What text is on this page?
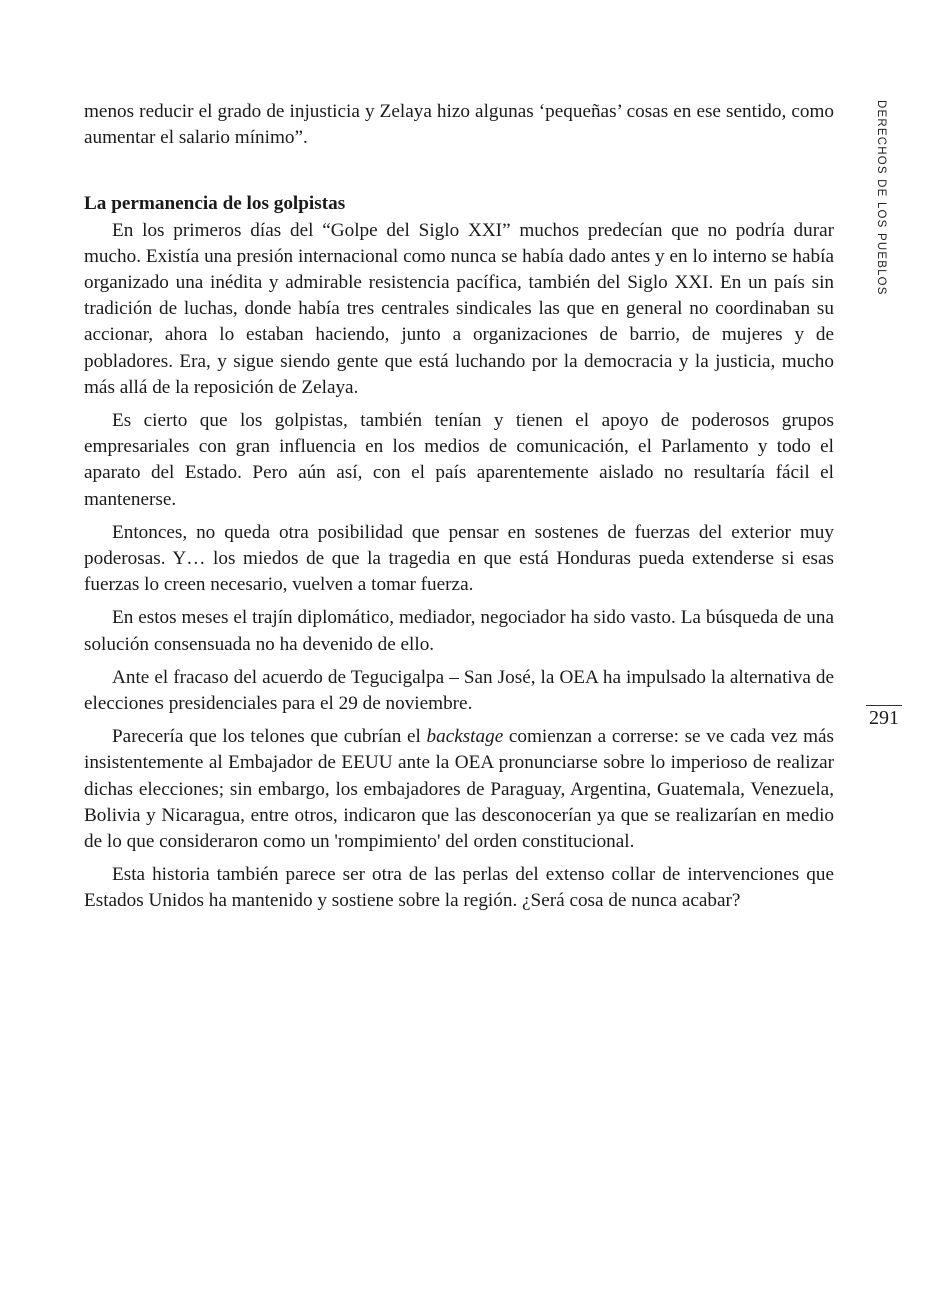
menos reducir el grado de injusticia y Zelaya hizo algunas ‘pequeñas’ cosas en ese sentido, como aumentar el salario mínimo”.

La permanencia de los golpistas

En los primeros días del “Golpe del Siglo XXI” muchos predecían que no podría durar mucho. Existía una presión internacional como nunca se había dado antes y en lo interno se había organizado una inédita y admirable resistencia pacífica, también del Siglo XXI. En un país sin tradición de luchas, donde había tres centrales sindicales las que en general no coordinaban su accionar, ahora lo estaban haciendo, junto a organizaciones de barrio, de mujeres y de pobladores. Era, y sigue siendo gente que está luchando por la democracia y la justicia, mucho más allá de la reposición de Zelaya.

Es cierto que los golpistas, también tenían y tienen el apoyo de poderosos grupos empresariales con gran influencia en los medios de comunicación, el Parlamento y todo el aparato del Estado. Pero aún así, con el país aparentemente aislado no resultaría fácil el mantenerse.

Entonces, no queda otra posibilidad que pensar en sostenes de fuerzas del exterior muy poderosas. Y… los miedos de que la tragedia en que está Honduras pueda extenderse si esas fuerzas lo creen necesario, vuelven a tomar fuerza.

En estos meses el trajín diplomático, mediador, negociador ha sido vasto. La búsqueda de una solución consensuada no ha devenido de ello.

Ante el fracaso del acuerdo de Tegucigalpa – San José, la OEA ha impulsado la alternativa de elecciones presidenciales para el 29 de noviembre.

Parecería que los telones que cubrían el backstage comienzan a correrse: se ve cada vez más insistentemente al Embajador de EEUU ante la OEA pronunciarse sobre lo imperioso de realizar dichas elecciones; sin embargo, los embajadores de Paraguay, Argentina, Guatemala, Venezuela, Bolivia y Nicaragua, entre otros, indicaron que las desconocerían ya que se realizarían en medio de lo que consideraron como un 'rompimiento' del orden constitucional.

Esta historia también parece ser otra de las perlas del extenso collar de intervenciones que Estados Unidos ha mantenido y sostiene sobre la región. ¿Será cosa de nunca acabar?

DERECHOS DE LOS PUEBLOS
291
